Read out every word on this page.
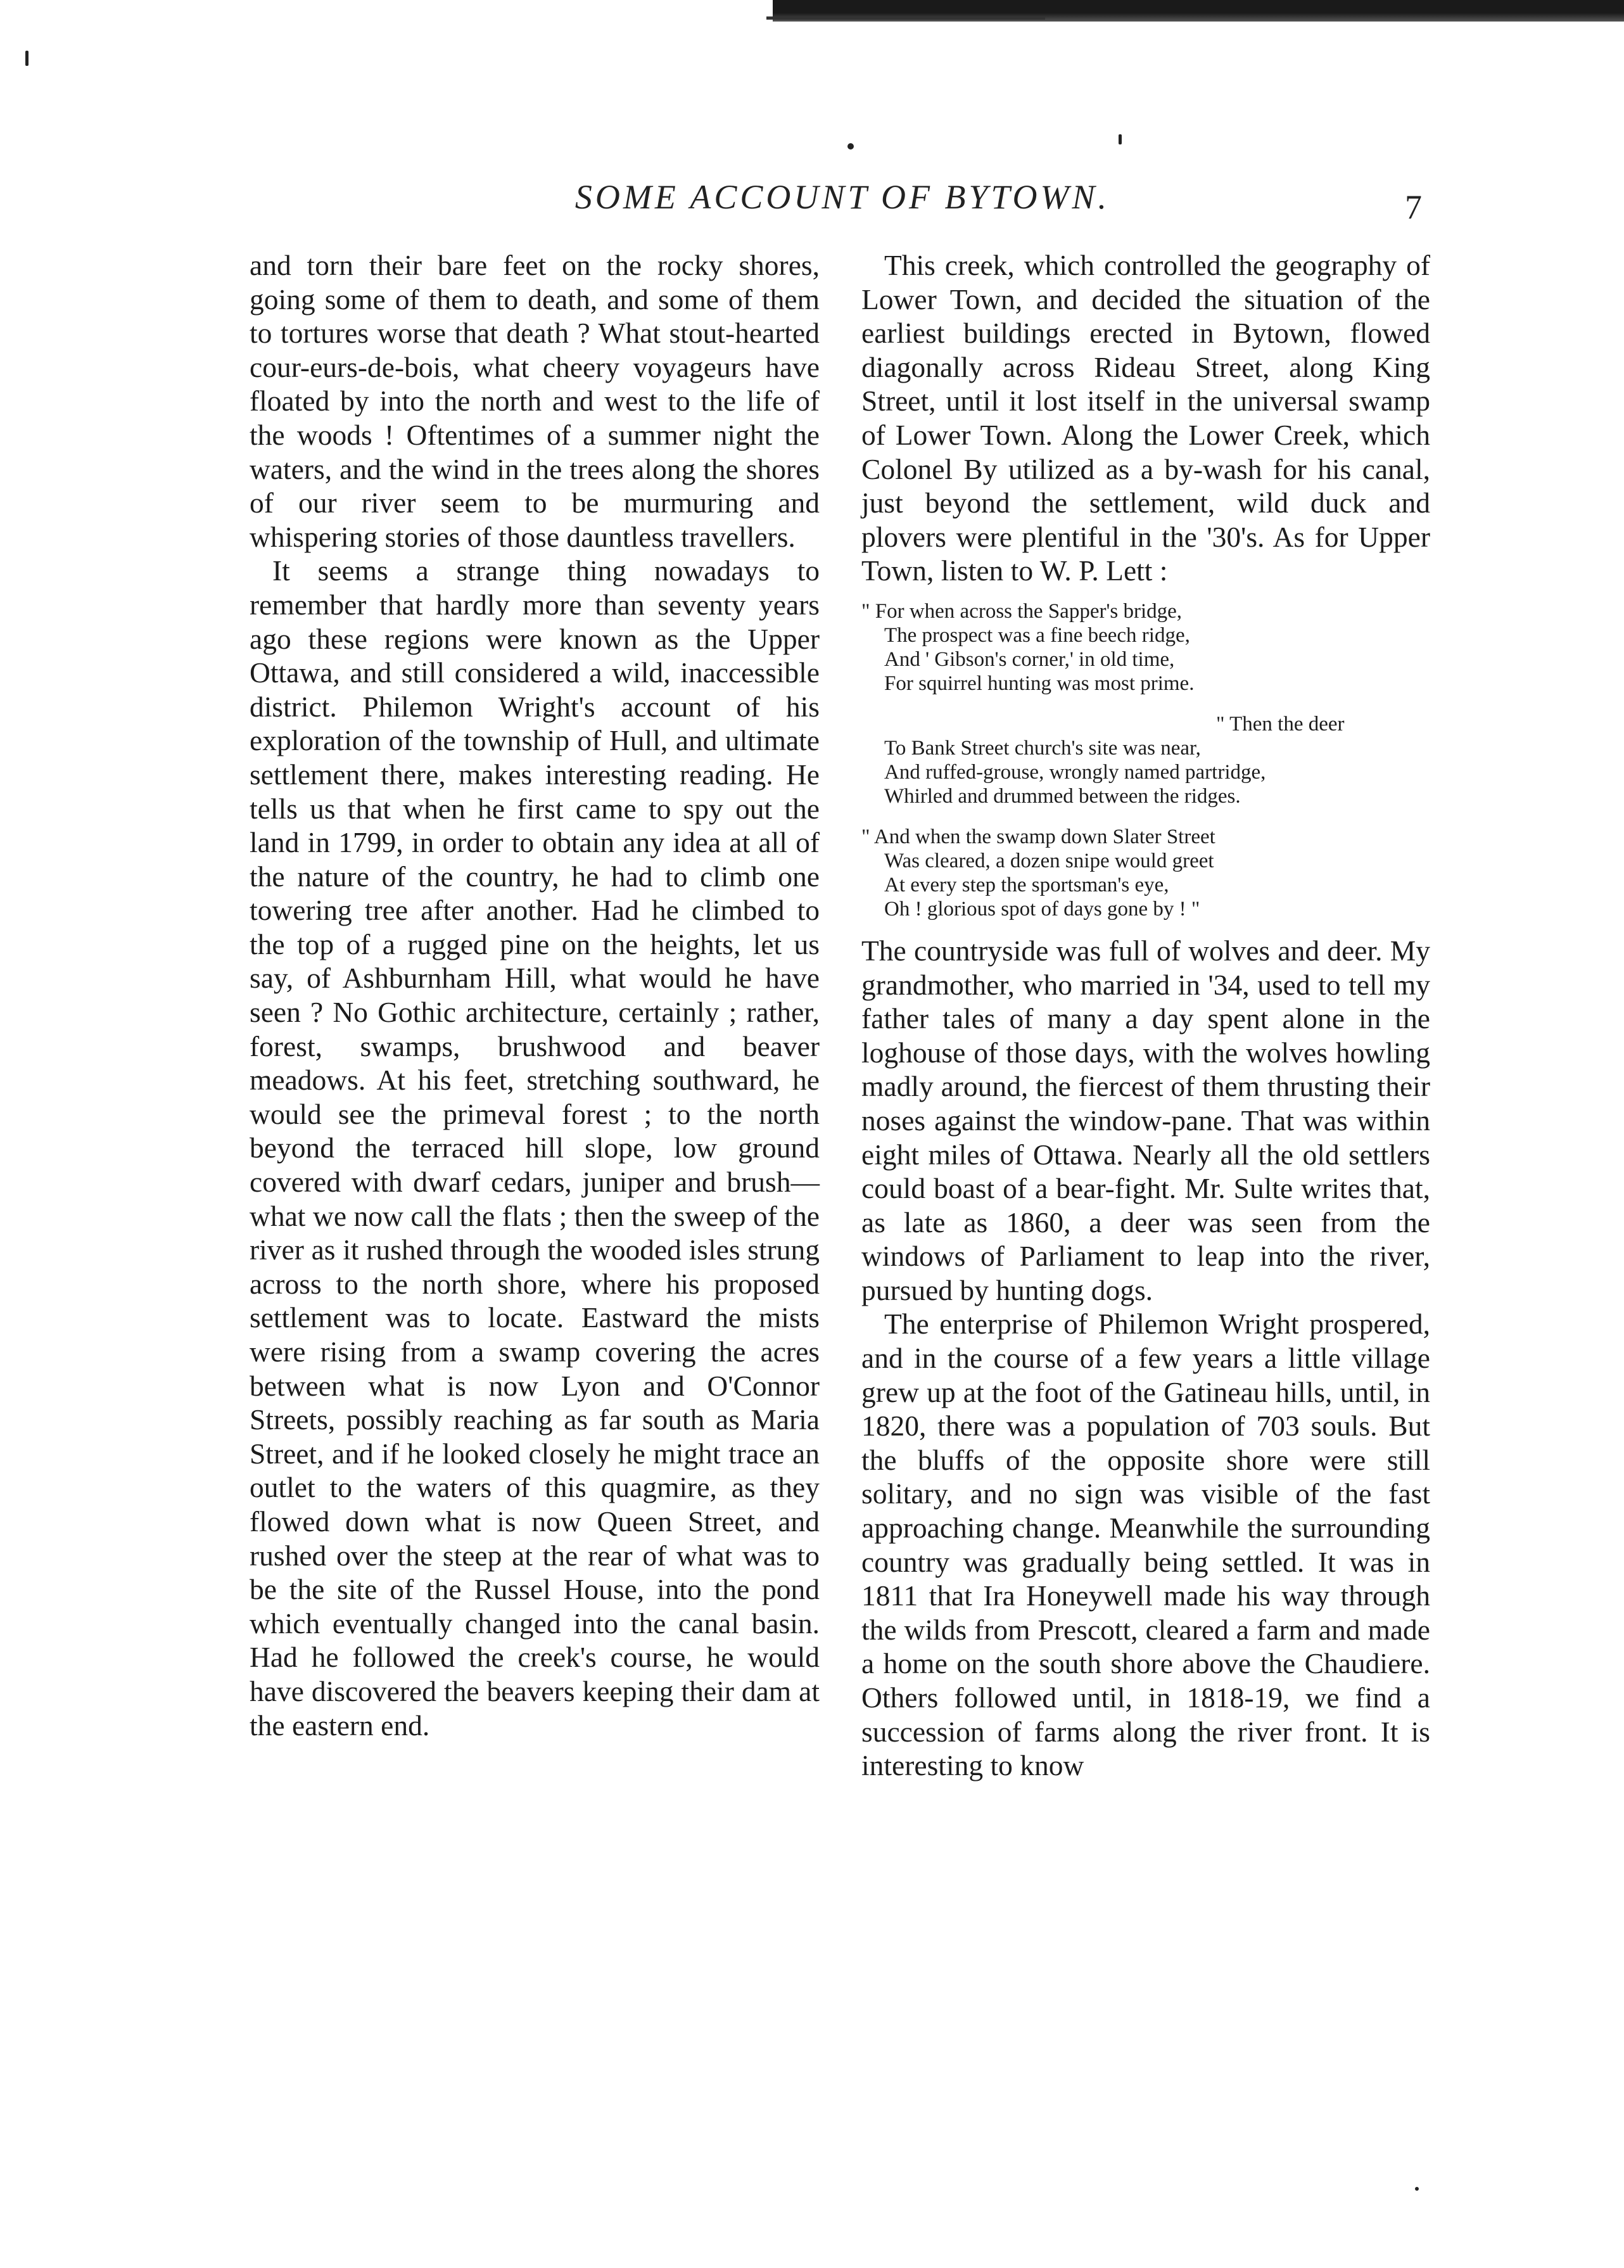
SOME ACCOUNT OF BYTOWN.	7

and torn their bare feet on the rocky shores, going some of them to death, and some of them to tortures worse that death ? What stout-hearted cour-eurs-de-bois, what cheery voyageurs have floated by into the north and west to the life of the woods ! Oftentimes of a summer night the waters, and the wind in the trees along the shores of our river seem to be murmuring and whispering stories of those dauntless travellers.

It seems a strange thing nowadays to remember that hardly more than seventy years ago these regions were known as the Upper Ottawa, and still considered a wild, inaccessible district. Philemon Wright's account of his exploration of the township of Hull, and ultimate settlement there, makes interesting reading. He tells us that when he first came to spy out the land in 1799, in order to obtain any idea at all of the nature of the country, he had to climb one towering tree after another. Had he climbed to the top of a rugged pine on the heights, let us say, of Ashburnham Hill, what would he have seen ? No Gothic architecture, certainly ; rather, forest, swamps, brushwood and beaver meadows. At his feet, stretching southward, he would see the primeval forest ; to the north beyond the terraced hill slope, low ground covered with dwarf cedars, juniper and brush—what we now call the flats ; then the sweep of the river as it rushed through the wooded isles strung across to the north shore, where his proposed settlement was to locate. Eastward the mists were rising from a swamp covering the acres between what is now Lyon and O'Connor Streets, possibly reaching as far south as Maria Street, and if he looked closely he might trace an outlet to the waters of this quagmire, as they flowed down what is now Queen Street, and rushed over the steep at the rear of what was to be the site of the Russel House, into the pond which eventually changed into the canal basin. Had he followed the creek's course, he would have discovered the beavers keeping their dam at the eastern end.

This creek, which controlled the geography of Lower Town, and decided the situation of the earliest buildings erected in Bytown, flowed diagonally across Rideau Street, along King Street, until it lost itself in the universal swamp of Lower Town. Along the Lower Creek, which Colonel By utilized as a by-wash for his canal, just beyond the settlement, wild duck and plovers were plentiful in the '30's. As for Upper Town, listen to W. P. Lett :

" For when across the Sapper's bridge,
The prospect was a fine beech ridge,
And ' Gibson's corner,' in old time,
For squirrel hunting was most prime.
" Then the deer
To Bank Street church's site was near,
And ruffed-grouse, wrongly named partridge,
Whirled and drummed between the ridges.
" And when the swamp down Slater Street
Was cleared, a dozen snipe would greet
At every step the sportsman's eye,
Oh ! glorious spot of days gone by ! "

The countryside was full of wolves and deer. My grandmother, who married in '34, used to tell my father tales of many a day spent alone in the loghouse of those days, with the wolves howling madly around, the fiercest of them thrusting their noses against the window-pane. That was within eight miles of Ottawa. Nearly all the old settlers could boast of a bear-fight. Mr. Sulte writes that, as late as 1860, a deer was seen from the windows of Parliament to leap into the river, pursued by hunting dogs.

The enterprise of Philemon Wright prospered, and in the course of a few years a little village grew up at the foot of the Gatineau hills, until, in 1820, there was a population of 703 souls. But the bluffs of the opposite shore were still solitary, and no sign was visible of the fast approaching change. Meanwhile the surrounding country was gradually being settled. It was in 1811 that Ira Honeywell made his way through the wilds from Prescott, cleared a farm and made a home on the south shore above the Chaudiere. Others followed until, in 1818-19, we find a succession of farms along the river front. It is interesting to know
